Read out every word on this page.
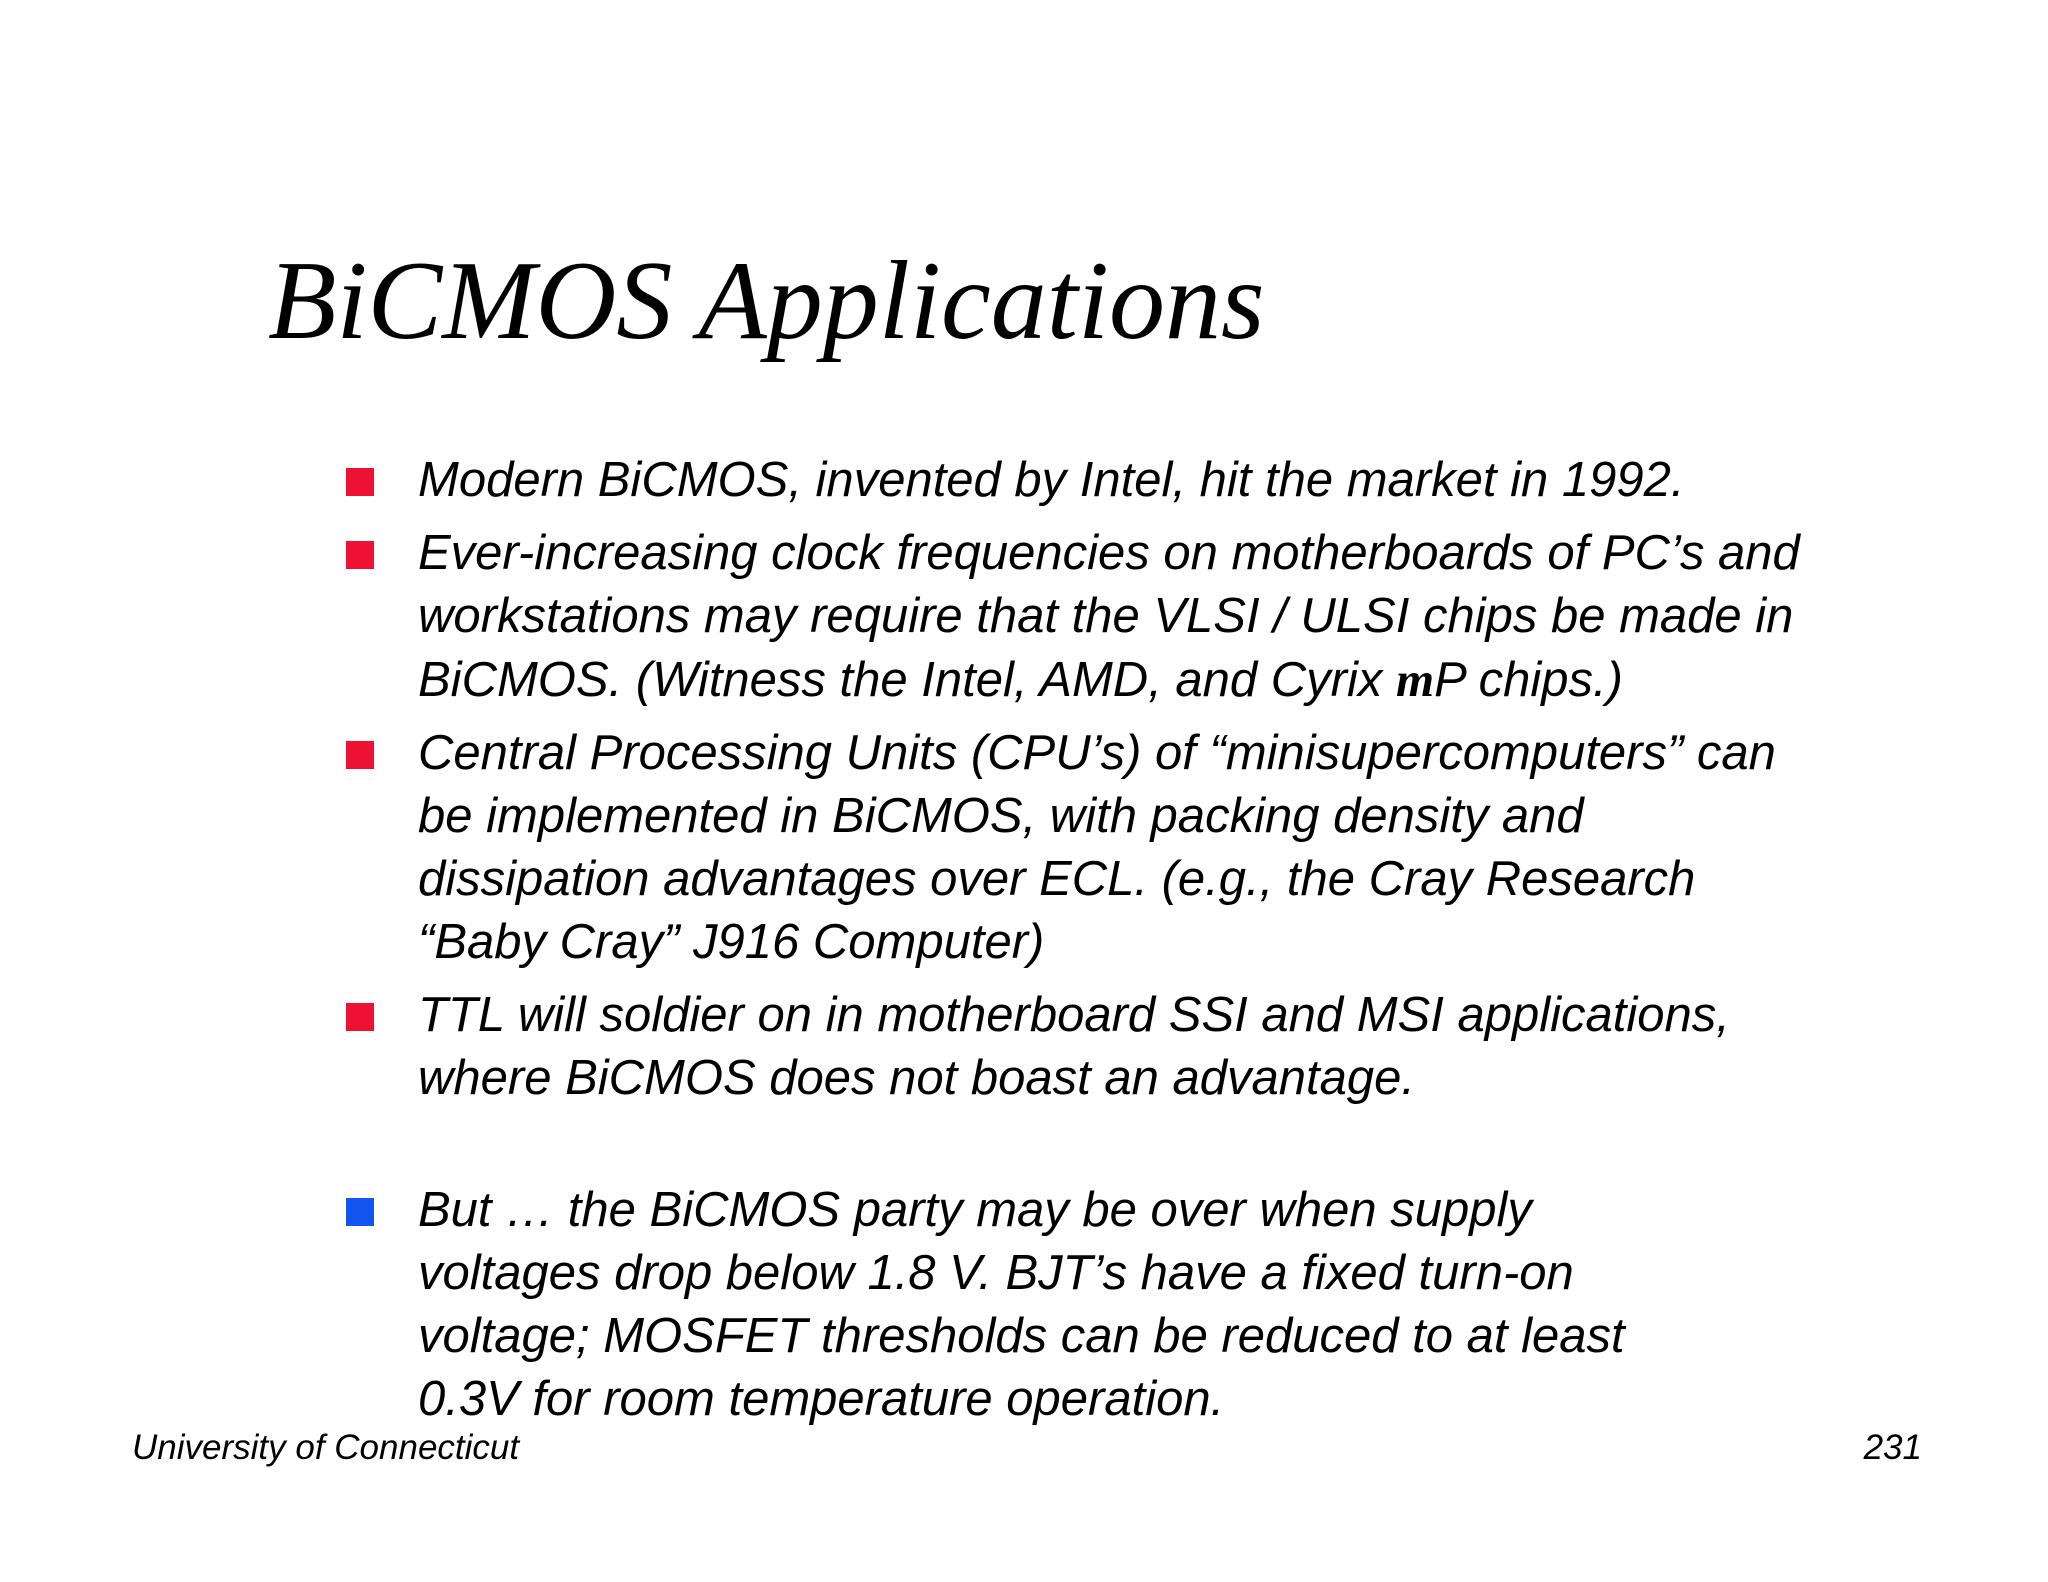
BiCMOS Applications
Modern BiCMOS, invented by Intel, hit the market in 1992.
Ever-increasing clock frequencies on motherboards of PC’s and
workstations may require that the VLSI / ULSI chips be made in
BiCMOS. (Witness the Intel, AMD, and Cyrix mP chips.)
Central Processing Units (CPU’s) of “minisupercomputers” can
be implemented in BiCMOS, with packing density and
dissipation advantages over ECL. (e.g., the Cray Research
“Baby Cray” J916 Computer)
TTL will soldier on in motherboard SSI and MSI applications,
where BiCMOS does not boast an advantage.
But … the BiCMOS party may be over when supply
voltages drop below 1.8 V. BJT’s have a fixed turn-on
voltage; MOSFET thresholds can be reduced to at least
0.3V for room temperature operation.
University of Connecticut	231
